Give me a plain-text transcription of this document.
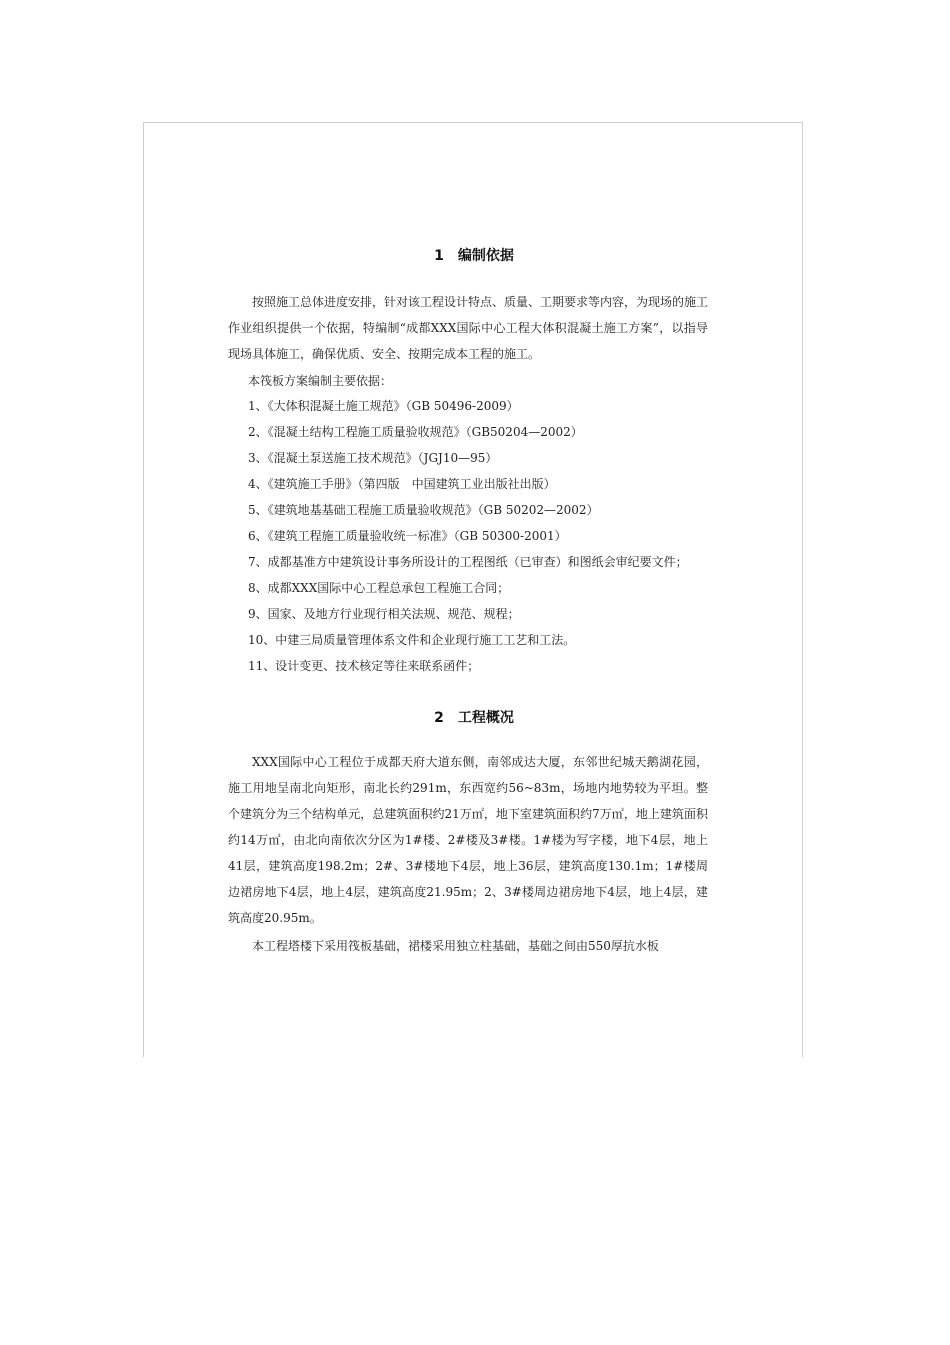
1 编制依据
按照施工总体进度安排，针对该工程设计特点、质量、工期要求等内容，为现场的施工作业组织提供一个依据，特编制“成都XXX国际中心工程大体积混凝土施工方案”，以指导现场具体施工，确保优质、安全、按期完成本工程的施工。
本筏板方案编制主要依据：
1、《大体积混凝土施工规范》（GB 50496-2009）
2、《混凝土结构工程施工质量验收规范》（GB50204—2002）
3、《混凝土泵送施工技术规范》（JGJ10—95）
4、《建筑施工手册》（第四版　中国建筑工业出版社出版）
5、《建筑地基基础工程施工质量验收规范》（GB 50202—2002）
6、《建筑工程施工质量验收统一标准》（GB 50300-2001）
7、成都基准方中建筑设计事务所设计的工程图纸（已审查）和图纸会审纪要文件；
8、成都XXX国际中心工程总承包工程施工合同；
9、国家、及地方行业现行相关法规、规范、规程；
10、中建三局质量管理体系文件和企业现行施工工艺和工法。
11、设计变更、技术核定等往来联系函件；
2 工程概况
XXX国际中心工程位于成都天府大道东侧，南邻成达大厦，东邻世纪城天鹅湖花园，施工用地呈南北向矩形，南北长约291m，东西宽约56~83m，场地内地势较为平坦。整个建筑分为三个结构单元，总建筑面积约21万㎡，地下室建筑面积约7万㎡，地上建筑面积约14万㎡，由北向南依次分区为1#楼、2#楼及3#楼。1#楼为写字楼，地下4层，地上41层，建筑高度198.2m；2#、3#楼地下4层，地上36层，建筑高度130.1m；1#楼周边裙房地下4层，地上4层，建筑高度21.95m；2、3#楼周边裙房地下4层，地上4层，建筑高度20.95m。
本工程塔楼下采用筏板基础，裙楼采用独立柱基础，基础之间由550厚抗水板
